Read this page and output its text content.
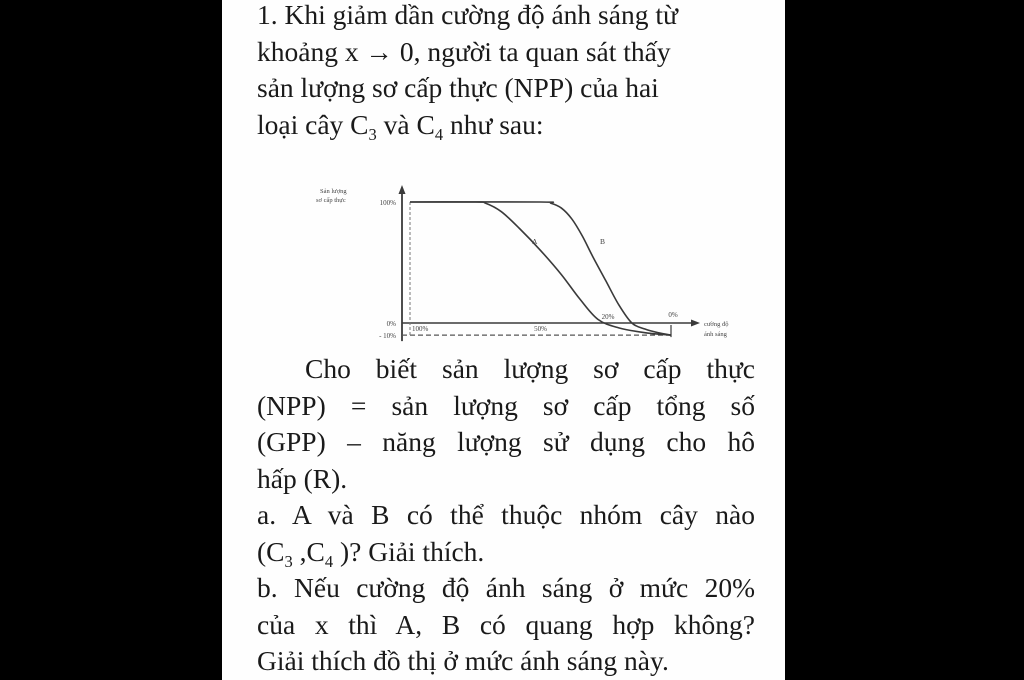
1. Khi giảm dần cường độ ánh sáng từ
khoảng x → 0, người ta quan sát thấy
sản lượng sơ cấp thực (NPP) của hai
loại cây $C_3$ và $C_4$ như sau:
100%
0%
- 10%
100%	50%
20%	0%
Sản lượng
sơ cấp thực
cường độ
ánh sáng
A	B
Cho biết sản lượng sơ cấp thực
(NPP) = sản lượng sơ cấp tổng số
(GPP) – năng lượng sử dụng cho hô
hấp (R).
a. A và B có thể thuộc nhóm cây nào
($C_3$ $,C_4$ )? Giải thích.
b. Nếu cường độ ánh sáng ở mức 20%
của x thì A, B có quang hợp không?
Giải thích đồ thị ở mức ánh sáng này.
